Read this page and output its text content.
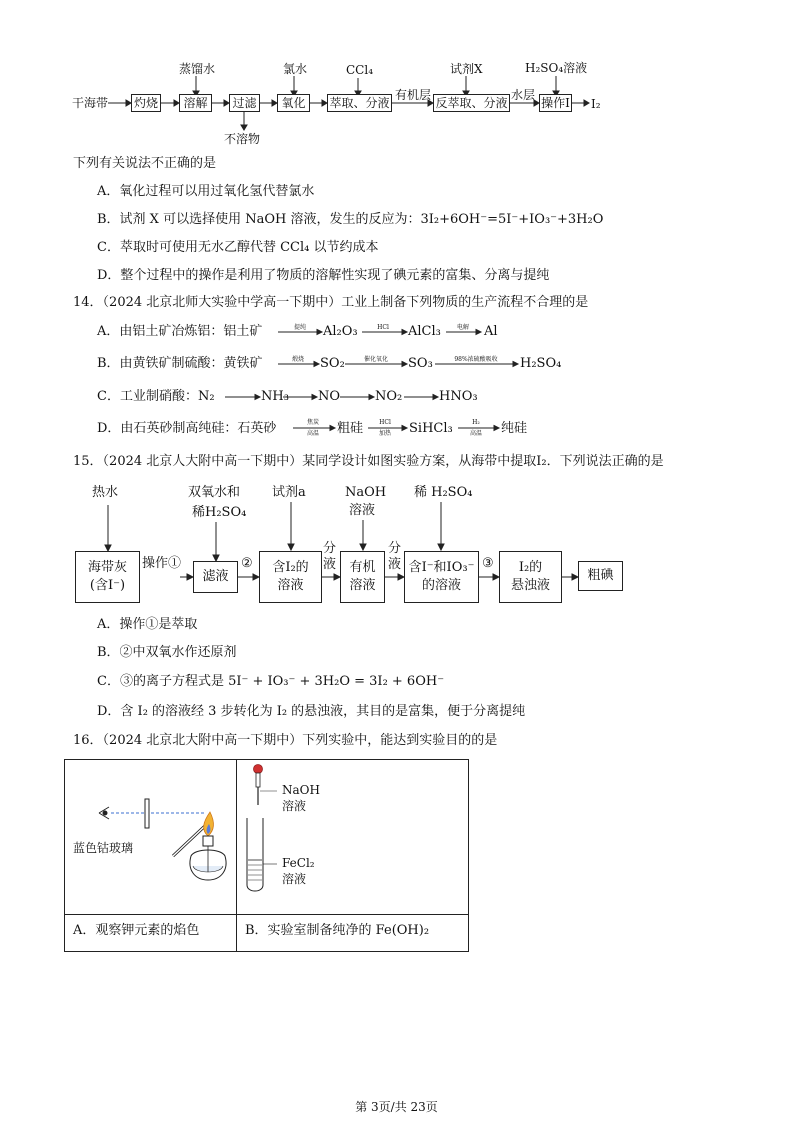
干海带 灼烧	溶解	过滤	氧化	萃取、分液	反萃取、分液	操作Ⅰ I₂
蒸馏水	氯水	CCl₄	试剂X	H₂SO₄溶液
不溶物
有机层	水层
下列有关说法不正确的是
A．氧化过程可以用过氧化氢代替氯水
B．试剂 X 可以选择使用 NaOH 溶液，发生的反应为：3I₂+6OH⁻=5I⁻+IO₃⁻+3H₂O
C．萃取时可使用无水乙醇代替 CCl₄ 以节约成本
D．整个过程中的操作是利用了物质的溶解性实现了碘元素的富集、分离与提纯
14．（2024 北京北师大实验中学高一下期中）工业上制备下列物质的生产流程不合理的是
A．由铝土矿冶炼铝：铝土矿	提纯	Al₂O₃	HCl	AlCl₃	电解	Al
B．由黄铁矿制硫酸：黄铁矿	煅烧	SO₂	催化氧化	SO₃	98%浓硫酸吸收	H₂SO₄
C．工业制硝酸：N₂	NH₃ NO	NO₂	HNO₃
D．由石英砂制高纯硅：石英砂	焦炭
高温	粗硅	HCl
加热	SiHCl₃	H₂
高温	纯硅
15．（2024 北京人大附中高一下期中）某同学设计如图实验方案，从海带中提取I₂．下列说法正确的是
热水	双氧水和
稀H₂SO₄
试剂a	NaOH
溶液
稀 H₂SO₄
海带灰
(含I⁻)
滤液
含I₂的
溶液
有机
溶液
含I⁻和IO₃⁻
的溶液
I₂的
悬浊液
粗碘
操作①	②
分
液
分
液	③
A．操作①是萃取
B．②中双氧水作还原剂
C．③的离子方程式是 5I⁻ + IO₃⁻ + 3H₂O = 3I₂ + 6OH⁻
D．含 I₂ 的溶液经 3 步转化为 I₂ 的悬浊液，其目的是富集，便于分离提纯
16．（2024 北京北大附中高一下期中）下列实验中，能达到实验目的的是
蓝色钴玻璃
NaOH
溶液
FeCl₂
溶液
A．观察钾元素的焰色	B．实验室制备纯净的 Fe(OH)₂
第 3页/共 23页
